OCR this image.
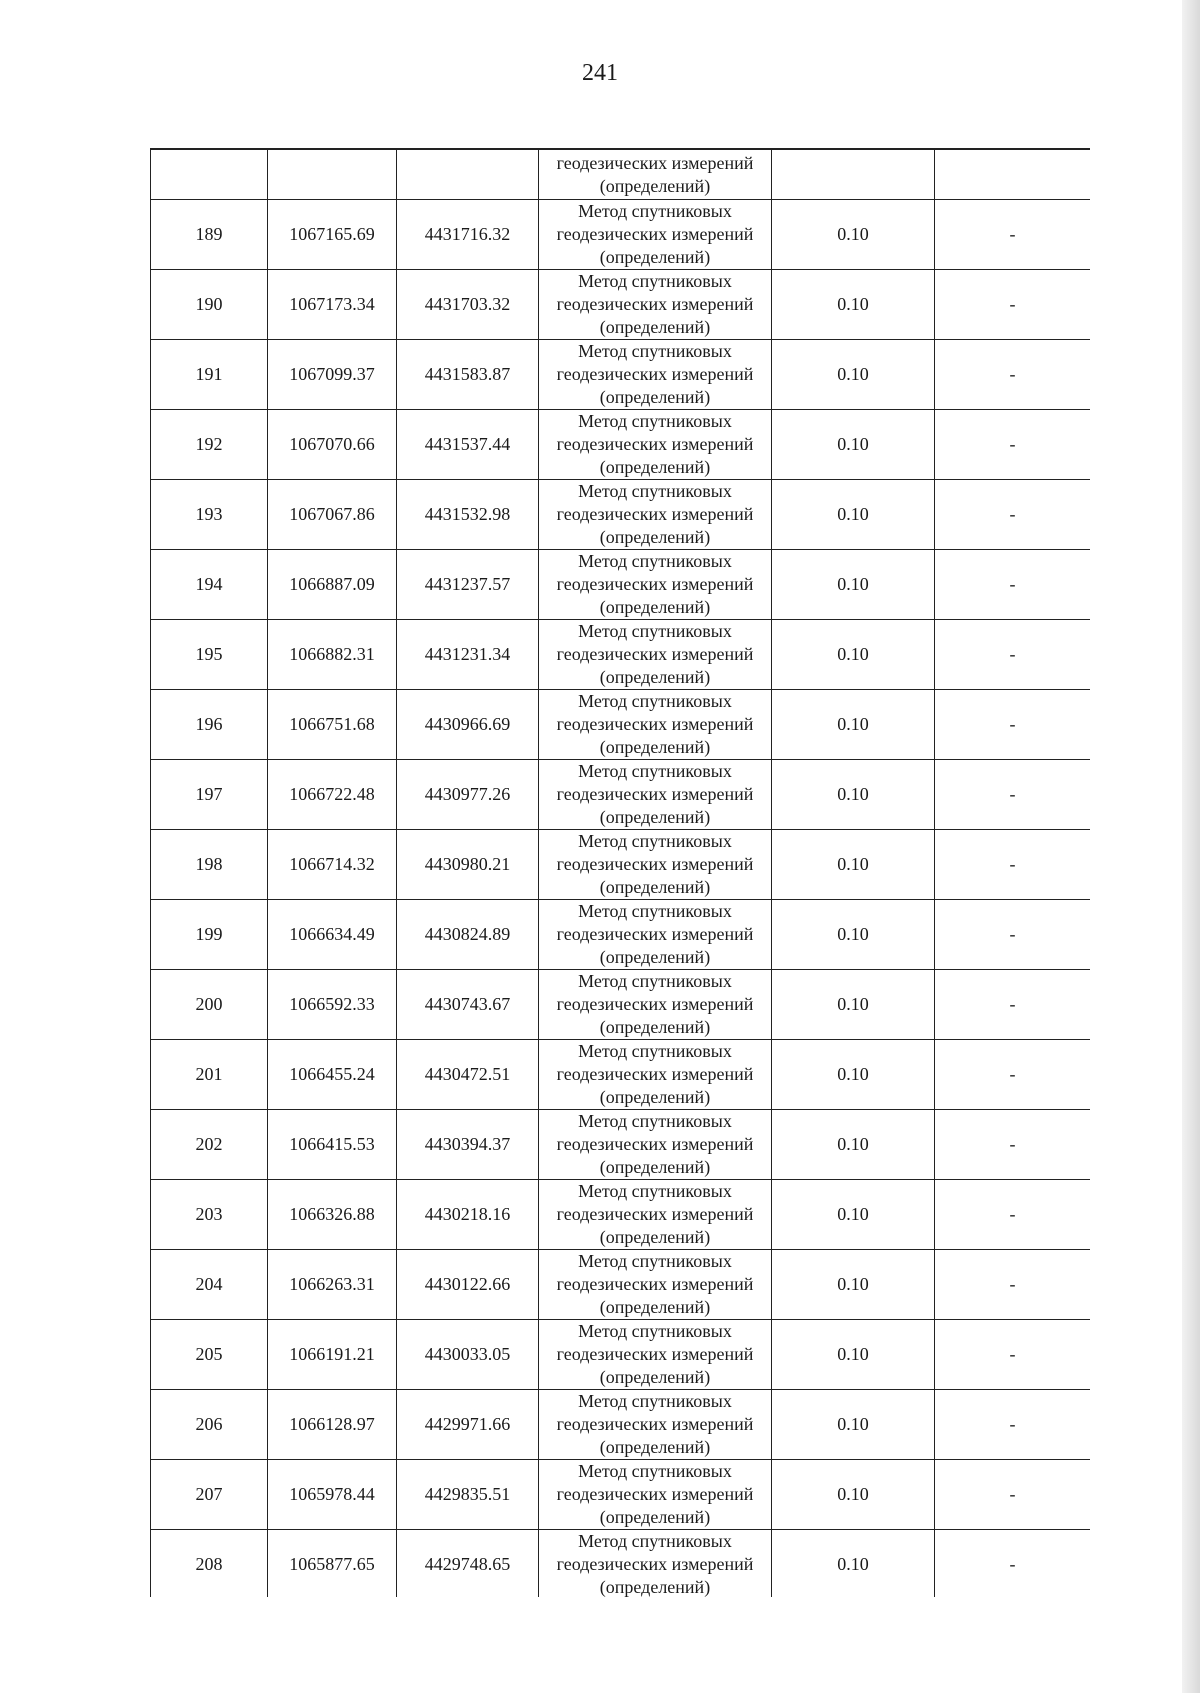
241

			геодезических измерений
(определений)		

189	1067165.69	4431716.32	Метод спутниковых
геодезических измерений
(определений)	0.10	-
190	1067173.34	4431703.32	Метод спутниковых
геодезических измерений
(определений)	0.10	-
191	1067099.37	4431583.87	Метод спутниковых
геодезических измерений
(определений)	0.10	-
192	1067070.66	4431537.44	Метод спутниковых
геодезических измерений
(определений)	0.10	-
193	1067067.86	4431532.98	Метод спутниковых
геодезических измерений
(определений)	0.10	-
194	1066887.09	4431237.57	Метод спутниковых
геодезических измерений
(определений)	0.10	-
195	1066882.31	4431231.34	Метод спутниковых
геодезических измерений
(определений)	0.10	-
196	1066751.68	4430966.69	Метод спутниковых
геодезических измерений
(определений)	0.10	-
197	1066722.48	4430977.26	Метод спутниковых
геодезических измерений
(определений)	0.10	-
198	1066714.32	4430980.21	Метод спутниковых
геодезических измерений
(определений)	0.10	-
199	1066634.49	4430824.89	Метод спутниковых
геодезических измерений
(определений)	0.10	-
200	1066592.33	4430743.67	Метод спутниковых
геодезических измерений
(определений)	0.10	-
201	1066455.24	4430472.51	Метод спутниковых
геодезических измерений
(определений)	0.10	-
202	1066415.53	4430394.37	Метод спутниковых
геодезических измерений
(определений)	0.10	-
203	1066326.88	4430218.16	Метод спутниковых
геодезических измерений
(определений)	0.10	-
204	1066263.31	4430122.66	Метод спутниковых
геодезических измерений
(определений)	0.10	-
205	1066191.21	4430033.05	Метод спутниковых
геодезических измерений
(определений)	0.10	-
206	1066128.97	4429971.66	Метод спутниковых
геодезических измерений
(определений)	0.10	-
207	1065978.44	4429835.51	Метод спутниковых
геодезических измерений
(определений)	0.10	-
208	1065877.65	4429748.65	Метод спутниковых
геодезических измерений
(определений)	0.10	-
